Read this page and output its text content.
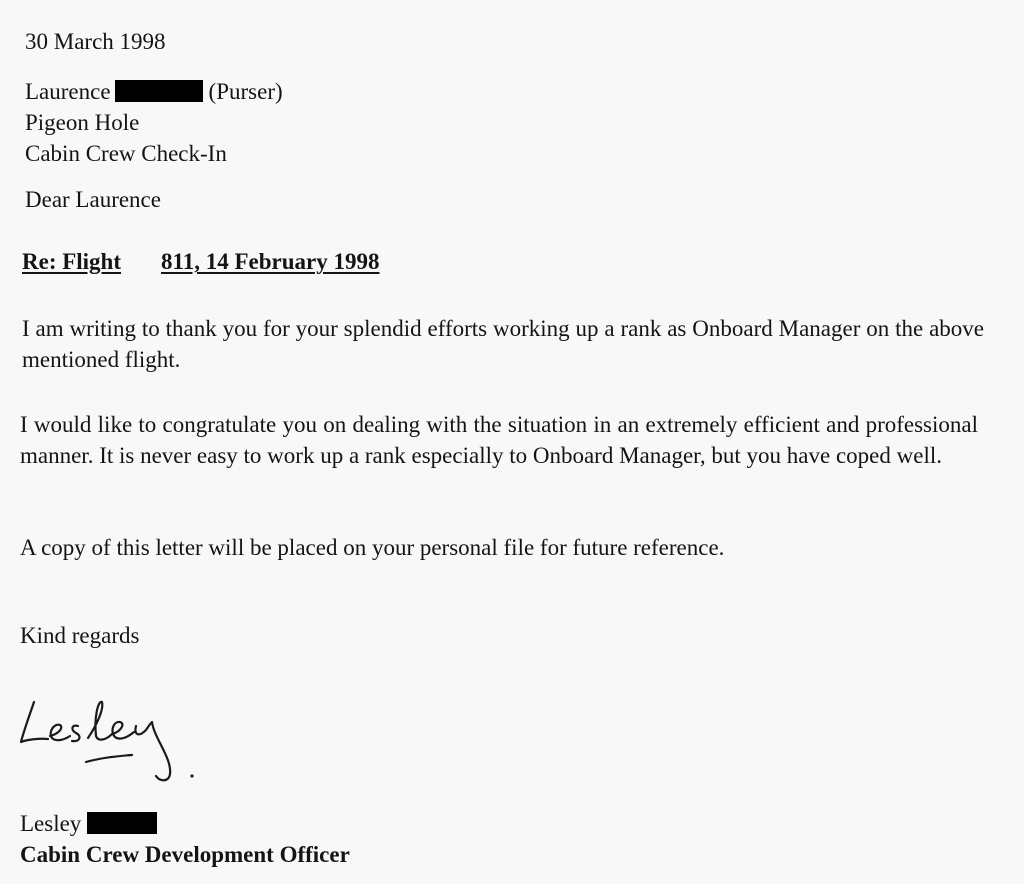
30 March 1998
Laurence	(Purser)
Pigeon Hole
Cabin Crew Check-In
Dear Laurence
Re: Flight 811, 14 February 1998
I am writing to thank you for your splendid efforts working up a rank as Onboard Manager on the above mentioned flight.
I would like to congratulate you on dealing with the situation in an extremely efficient and professional manner. It is never easy to work up a rank especially to Onboard Manager, but you have coped well.
A copy of this letter will be placed on your personal file for future reference.
Kind regards
Lesley
Cabin Crew Development Officer
